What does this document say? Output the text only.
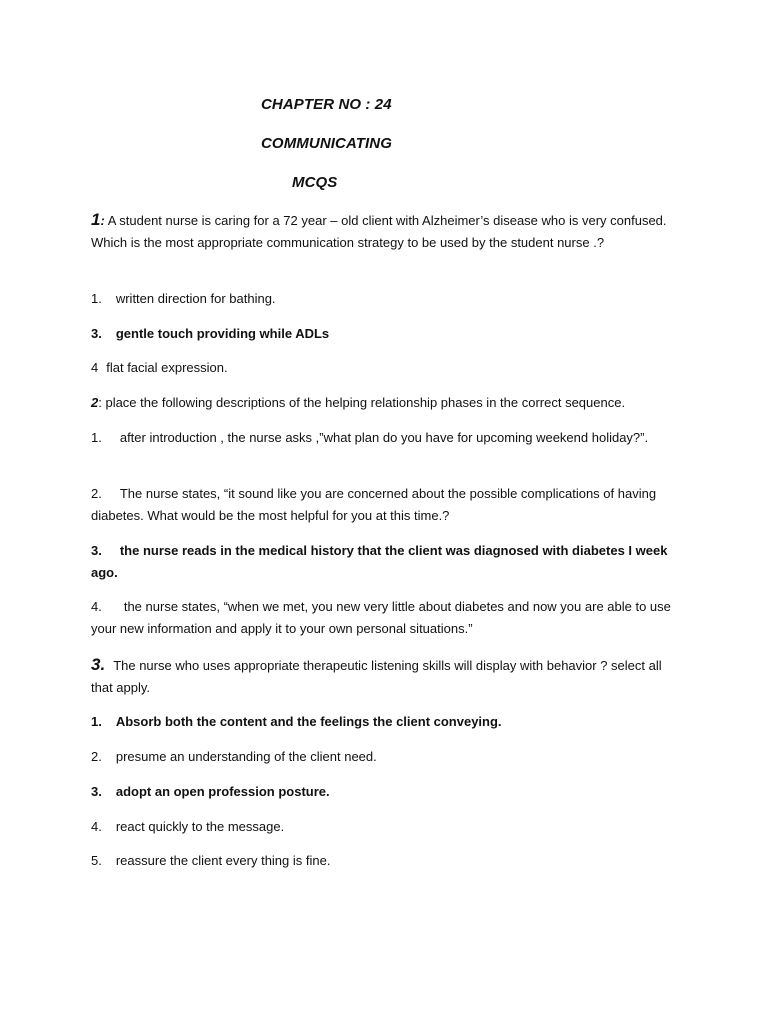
CHAPTER NO : 24
COMMUNICATING
MCQS
1: A student nurse is caring for a 72 year – old client with Alzheimer’s disease who is very confused. Which is the most appropriate communication strategy to be used by the student nurse .?
1. written direction for bathing.
3. gentle touch providing while ADLs
4 flat facial expression.
2: place the following descriptions of the helping relationship phases in the correct sequence.
1. after introduction , the nurse asks ,”what plan do you have for upcoming weekend holiday?”.
2. The nurse states, “it sound like you are concerned about the possible complications of having diabetes. What would be the most helpful for you at this time.?
3. the nurse reads in the medical history that the client was diagnosed with diabetes I week ago.
4. the nurse states, “when we met, you new very little about diabetes and now you are able to use your new information and apply it to your own personal situations.”
3. The nurse who uses appropriate therapeutic listening skills will display with behavior ? select all that apply.
1. Absorb both the content and the feelings the client conveying.
2. presume an understanding of the client need.
3. adopt an open profession posture.
4. react quickly to the message.
5. reassure the client every thing is fine.
